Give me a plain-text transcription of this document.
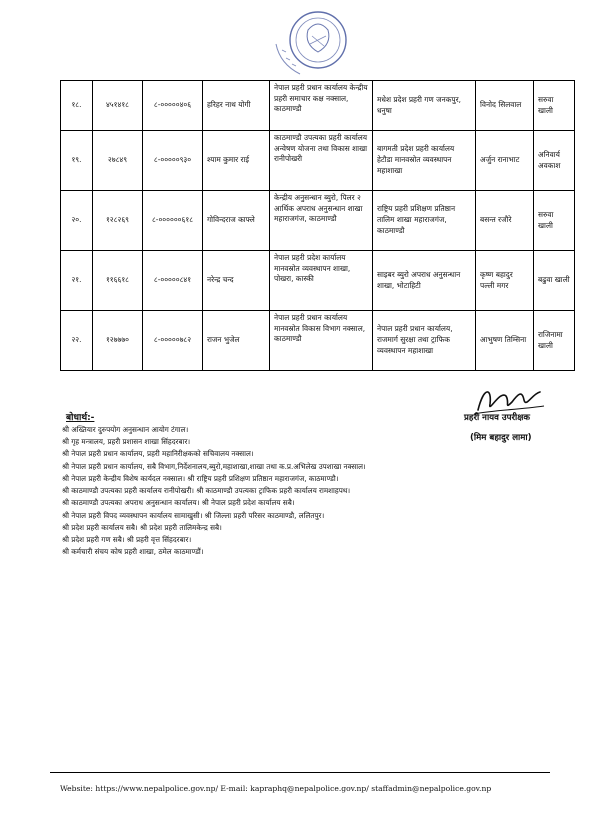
१८.	४५१४१८	८-०००००४०६	हरिहर नाथ योगी	नेपाल प्रहरी प्रधान कार्यालय केन्द्रीय प्रहरी समाचार कक्ष नक्साल, काठमाण्डौ	मधेश प्रदेश प्रहरी गण जनकपुर, धनुषा	विनोद सिलवाल	सरुवा खाली
१९.	२७८४९	८-०००००९३०	श्याम कुमार राई	काठमाण्डौ उपत्यका प्रहरी कार्यालय अन्वेषण योजना तथा विकास शाखा रानीपोखरी	बागमती प्रदेश प्रहरी कार्यालय हेटौडा मानवस्रोत व्यवस्थापन महाशाखा	अर्जुन रानाभाट	अनिवार्य अवकाश
२०.	१२८२६९	८-००००००६१८	गोविन्दराज काफ्ले	केन्द्रीय अनुसन्धान ब्युरो, पिलर २ आर्थिक अपराध अनुसन्धान शाखा महाराजगंज, काठमाण्डौ	राष्ट्रिय प्रहरी प्रशिक्षण प्रतिष्ठान तालिम शाखा महाराजगंज, काठमाण्डौ	बसन्त रजौरे	सरुवा खाली
२१.	११६६१८	८-०००००८४१	नरेन्द्र चन्द	नेपाल प्रहरी प्रदेश कार्यालय मानवस्रोत व्यवस्थापन शाखा, पोखरा, कास्की	साइबर ब्युरो अपराध अनुसन्धान शाखा, भोटाहिटी	कृष्ण बहादुर पल्ली मगर	बढुवा खाली
२२.	१२७७७०	८-०००००७८२	राजन भुजेल	नेपाल प्रहरी प्रधान कार्यालय मानवस्रोत विकास विभाग नक्साल, काठमाण्डौ	नेपाल प्रहरी प्रधान कार्यालय, राजमार्ग सुरक्षा तथा ट्राफिक व्यवस्थापन महाशाखा	आभुषण तिम्सिना	राजिनामा खाली
प्रहरी नायव उपरीक्षक
(मिम बहादुर लामा)
बोधार्थ:-
श्री अख्तियार दुरुपयोग अनुसन्धान आयोग टंगाल।
श्री गृह मन्त्रालय, प्रहरी प्रशासन शाखा सिंहदरबार।
श्री नेपाल प्रहरी प्रधान कार्यालय, प्रहरी महानिरीक्षकको सचिवालय नक्साल।
श्री नेपाल प्रहरी प्रधान कार्यालय, सबै विभाग,निर्देशनालय,ब्युरो,महाशाखा,शाखा तथा क.प्र.अभिलेख उपशाखा नक्साल।
श्री नेपाल प्रहरी केन्द्रीय विशेष कार्यदल नक्साल। श्री राष्ट्रिय प्रहरी प्रशिक्षण प्रतिष्ठान महाराजगंज, काठमाण्डौ।
श्री काठमाण्डौ उपत्यका प्रहरी कार्यालय रानीपोखरी। श्री काठमाण्डौ उपत्यका ट्राफिक प्रहरी कार्यालय रामशाहपथ।
श्री काठमाण्डौ उपत्यका अपराध अनुसन्धान कार्यालय। श्री नेपाल प्रहरी प्रदेश कार्यालय सबै।
श्री नेपाल प्रहरी विपद व्यवस्थापन कार्यालय सामाखुसी। श्री जिल्ला प्रहरी परिसर काठमाण्डौ, ललितपुर।
श्री प्रदेश प्रहरी कार्यालय सबै। श्री प्रदेश प्रहरी तालिमकेन्द्र सबै।
श्री प्रदेश प्रहरी गण सबै। श्री प्रहरी वृत्त सिंहदरबार।
श्री कर्मचारी संचय कोष प्रहरी शाखा, ठमेल काठमाण्डौं।
Website: https://www.nepalpolice.gov.np/ E-mail: kapraphq@nepalpolice.gov.np/ staffadmin@nepalpolice.gov.np
